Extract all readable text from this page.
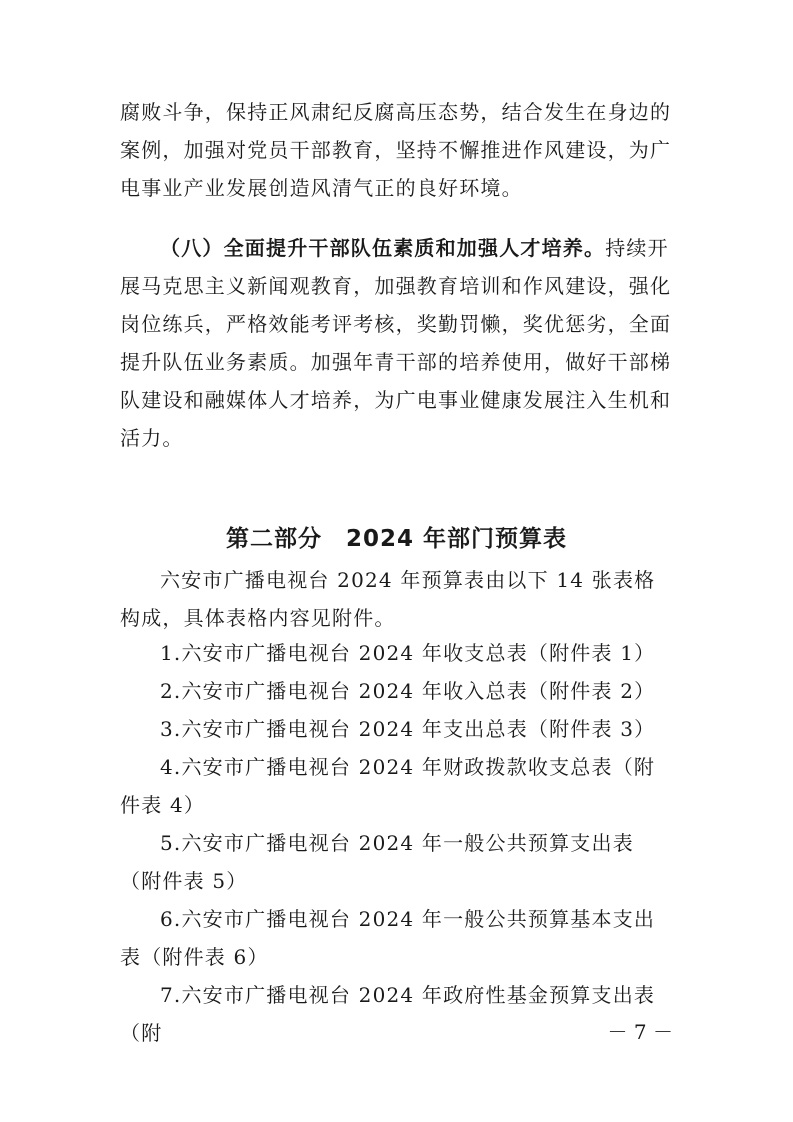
腐败斗争，保持正风肃纪反腐高压态势，结合发生在身边的案例，加强对党员干部教育，坚持不懈推进作风建设，为广电事业产业发展创造风清气正的良好环境。

（八）全面提升干部队伍素质和加强人才培养。持续开展马克思主义新闻观教育，加强教育培训和作风建设，强化岗位练兵，严格效能考评考核，奖勤罚懒，奖优惩劣，全面提升队伍业务素质。加强年青干部的培养使用，做好干部梯队建设和融媒体人才培养，为广电事业健康发展注入生机和活力。

第二部分　2024 年部门预算表

六安市广播电视台 2024 年预算表由以下 14 张表格构成，具体表格内容见附件。

1.六安市广播电视台 2024 年收支总表（附件表 1）

2.六安市广播电视台 2024 年收入总表（附件表 2）

3.六安市广播电视台 2024 年支出总表（附件表 3）

4.六安市广播电视台 2024 年财政拨款收支总表（附件表 4）

5.六安市广播电视台 2024 年一般公共预算支出表（附件表 5）

6.六安市广播电视台 2024 年一般公共预算基本支出表（附件表 6）

7.六安市广播电视台 2024 年政府性基金预算支出表（附	－ 7 －
